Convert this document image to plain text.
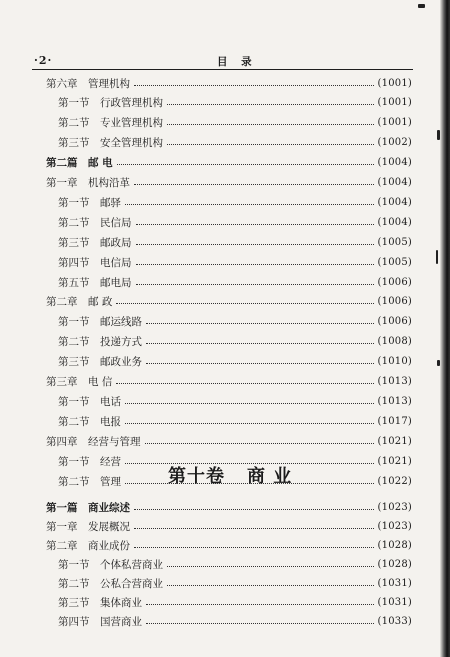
·2·	目 录
第六章	管理机构	(1001)
第一节	行政管理机构	(1001)
第二节	专业管理机构	(1001)
第三节	安全管理机构	(1002)
第二篇	邮 电	(1004)
第一章	机构沿革	(1004)
第一节	邮驿	(1004)
第二节	民信局	(1004)
第三节	邮政局	(1005)
第四节	电信局	(1005)
第五节	邮电局	(1006)
第二章	邮 政	(1006)
第一节	邮运线路	(1006)
第二节	投递方式	(1008)
第三节	邮政业务	(1010)
第三章	电 信	(1013)
第一节	电话	(1013)
第二节	电报	(1017)
第四章	经营与管理	(1021)
第一节	经营	(1021)
第二节	管理	(1022)
第十卷 商 业
第一篇	商业综述	(1023)
第一章	发展概况	(1023)
第二章	商业成份	(1028)
第一节	个体私营商业	(1028)
第二节	公私合营商业	(1031)
第三节	集体商业	(1031)
第四节	国营商业	(1033)
